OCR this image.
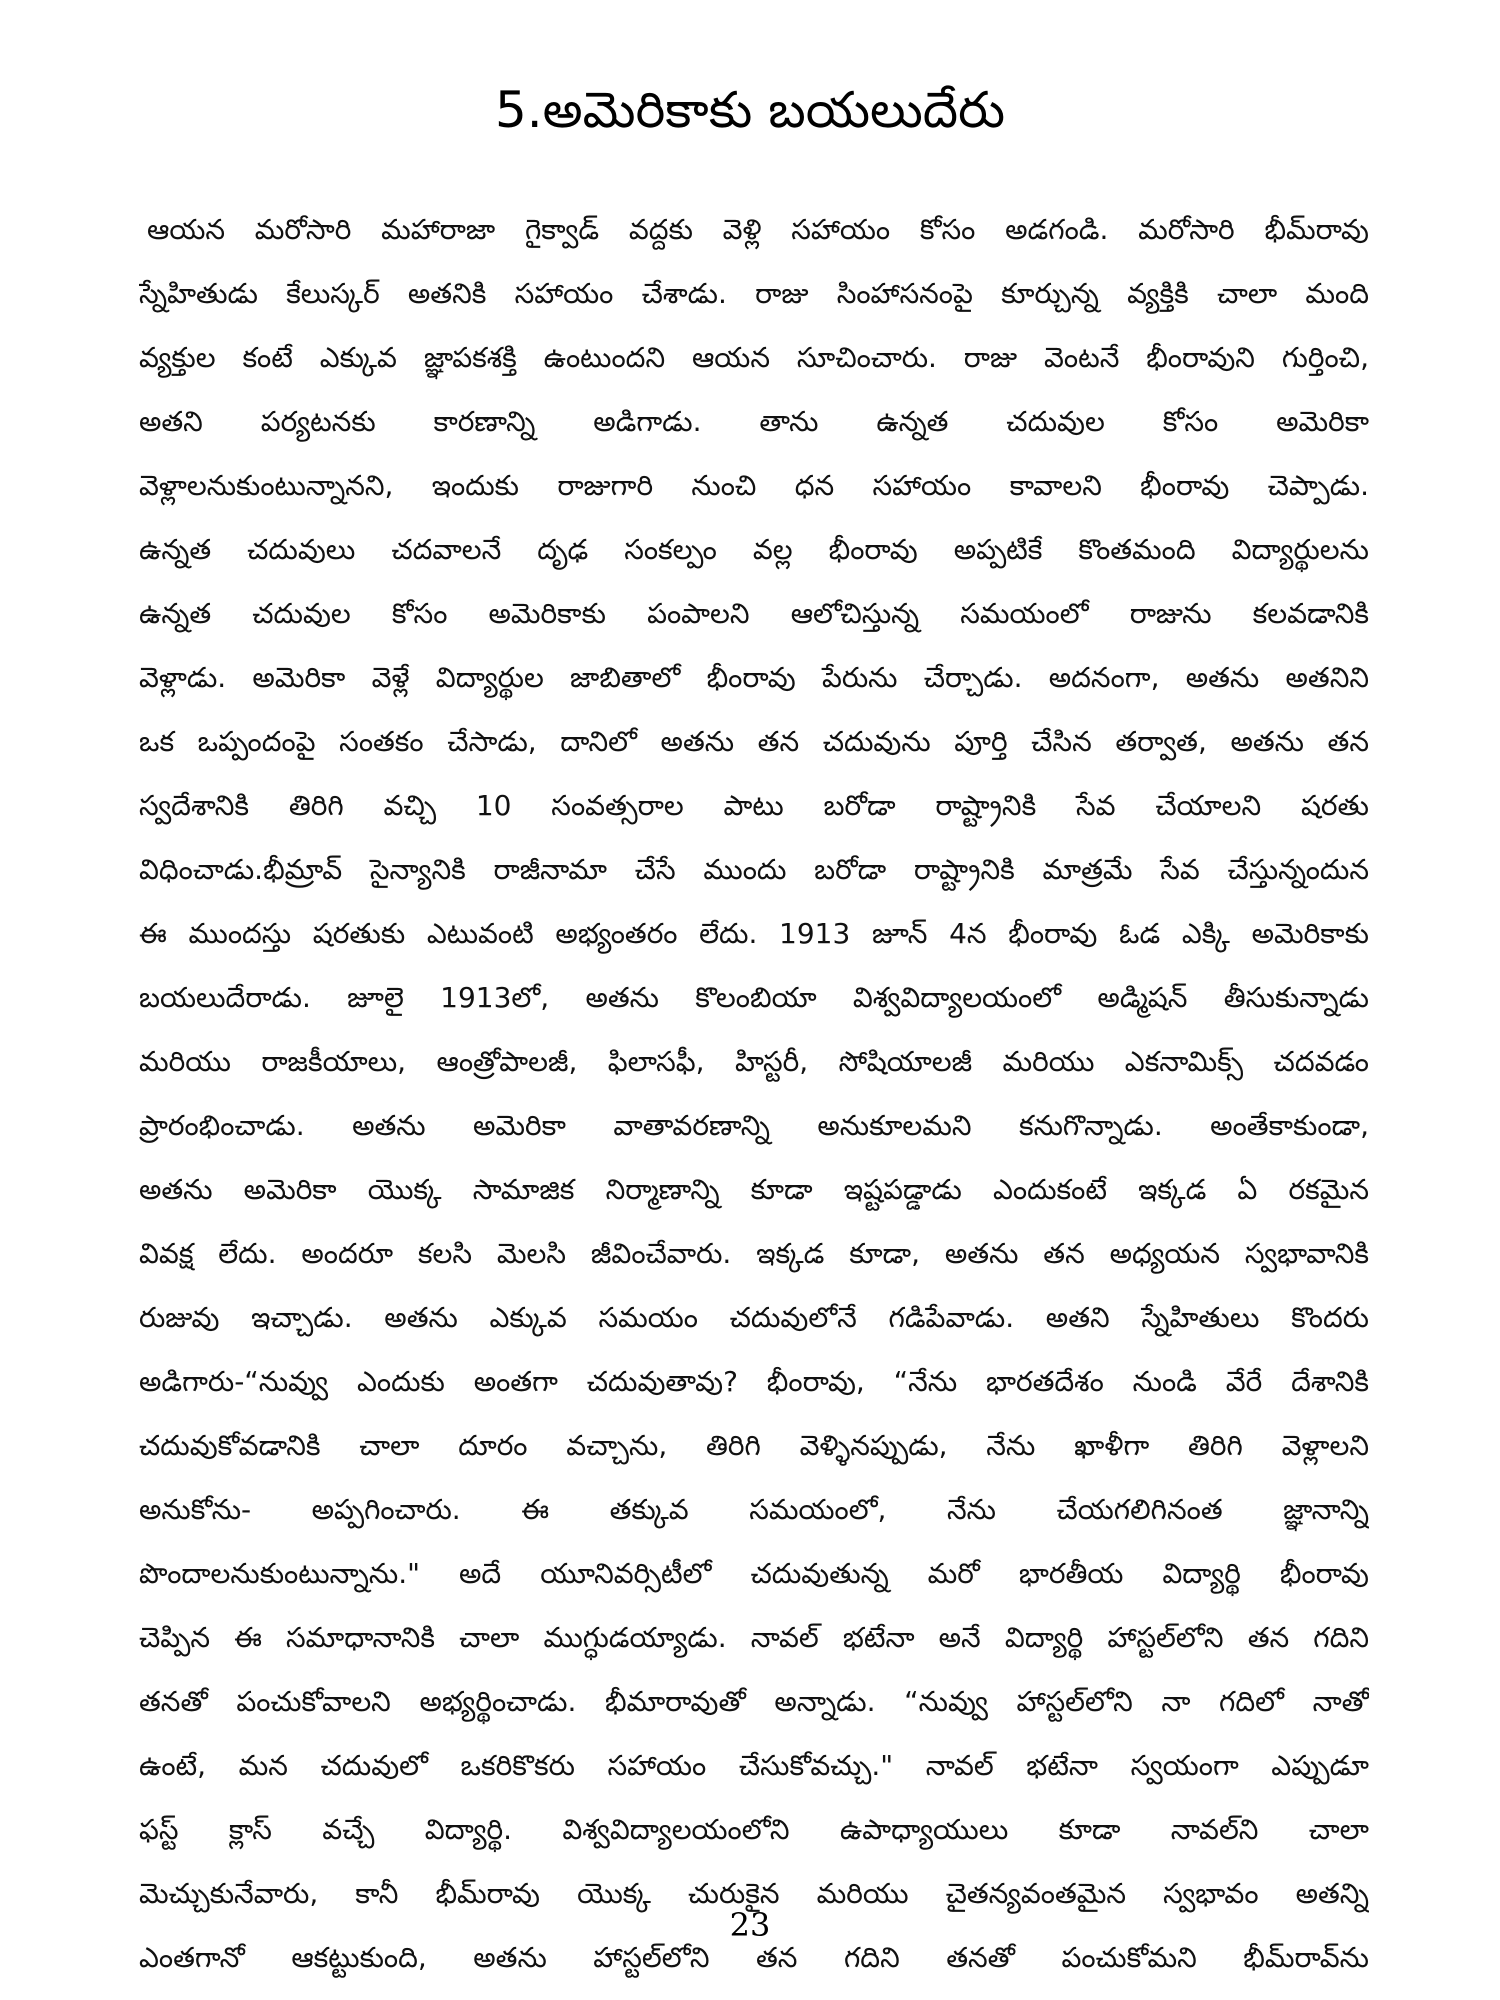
5.అమెరికాకు బయలుదేరు
ఆయన మరోసారి మహారాజా గైక్వాడ్ వద్దకు వెళ్లి సహాయం కోసం అడగండి. మరోసారి భీమ్‌రావు
స్నేహితుడు కేలుస్కర్ అతనికి సహాయం చేశాడు. రాజు సింహాసనంపై కూర్చున్న వ్యక్తికి చాలా మంది
వ్యక్తుల కంటే ఎక్కువ జ్ఞాపకశక్తి ఉంటుందని ఆయన సూచించారు. రాజు వెంటనే భీంరావుని గుర్తించి,
అతని పర్యటనకు కారణాన్ని అడిగాడు. తాను ఉన్నత చదువుల కోసం అమెరికా
వెళ్లాలనుకుంటున్నానని, ఇందుకు రాజుగారి నుంచి ధన సహాయం కావాలని భీంరావు చెప్పాడు.
ఉన్నత చదువులు చదవాలనే దృఢ సంకల్పం వల్ల భీంరావు అప్పటికే కొంతమంది విద్యార్థులను
ఉన్నత చదువుల కోసం అమెరికాకు పంపాలని ఆలోచిస్తున్న సమయంలో రాజును కలవడానికి
వెళ్లాడు. అమెరికా వెళ్లే విద్యార్థుల జాబితాలో భీంరావు పేరును చేర్చాడు. అదనంగా, అతను అతనిని
ఒక ఒప్పందంపై సంతకం చేసాడు, దానిలో అతను తన చదువును పూర్తి చేసిన తర్వాత, అతను తన
స్వదేశానికి తిరిగి వచ్చి 10 సంవత్సరాల పాటు బరోడా రాష్ట్రానికి సేవ చేయాలని షరతు
విధించాడు.భీమ్రావ్ సైన్యానికి రాజీనామా చేసే ముందు బరోడా రాష్ట్రానికి మాత్రమే సేవ చేస్తున్నందున
ఈ ముందస్తు షరతుకు ఎటువంటి అభ్యంతరం లేదు. 1913 జూన్ 4న భీంరావు ఓడ ఎక్కి అమెరికాకు
బయలుదేరాడు. జూలై 1913లో, అతను కొలంబియా విశ్వవిద్యాలయంలో అడ్మిషన్ తీసుకున్నాడు
మరియు రాజకీయాలు, ఆంత్రోపాలజీ, ఫిలాసఫీ, హిస్టరీ, సోషియాలజీ మరియు ఎకనామిక్స్ చదవడం
ప్రారంభించాడు. అతను అమెరికా వాతావరణాన్ని అనుకూలమని కనుగొన్నాడు. అంతేకాకుండా,
అతను అమెరికా యొక్క సామాజిక నిర్మాణాన్ని కూడా ఇష్టపడ్డాడు ఎందుకంటే ఇక్కడ ఏ రకమైన
వివక్ష లేదు. అందరూ కలసి మెలసి జీవించేవారు. ఇక్కడ కూడా, అతను తన అధ్యయన స్వభావానికి
రుజువు ఇచ్చాడు. అతను ఎక్కువ సమయం చదువులోనే గడిపేవాడు. అతని స్నేహితులు కొందరు
అడిగారు-“నువ్వు ఎందుకు అంతగా చదువుతావు? భీంరావు, “నేను భారతదేశం నుండి వేరే దేశానికి
చదువుకోవడానికి చాలా దూరం వచ్చాను, తిరిగి వెళ్ళినప్పుడు, నేను ఖాళీగా తిరిగి వెళ్లాలని
అనుకోను- అప్పగించారు. ఈ తక్కువ సమయంలో, నేను చేయగలిగినంత జ్ఞానాన్ని
పొందాలనుకుంటున్నాను." అదే యూనివర్సిటీలో చదువుతున్న మరో భారతీయ విద్యార్థి భీంరావు
చెప్పిన ఈ సమాధానానికి చాలా ముగ్ధుడయ్యాడు. నావల్ భటేనా అనే విద్యార్థి హాస్టల్‌లోని తన గదిని
తనతో పంచుకోవాలని అభ్యర్థించాడు. భీమారావుతో అన్నాడు. “నువ్వు హాస్టల్‌లోని నా గదిలో నాతో
ఉంటే, మన చదువులో ఒకరికొకరు సహాయం చేసుకోవచ్చు." నావల్ భటేనా స్వయంగా ఎప్పుడూ
ఫస్ట్ క్లాస్ వచ్చే విద్యార్థి. విశ్వవిద్యాలయంలోని ఉపాధ్యాయులు కూడా నావల్‌ని చాలా
మెచ్చుకునేవారు, కానీ భీమ్‌రావు యొక్క చురుకైన మరియు చైతన్యవంతమైన స్వభావం అతన్ని
ఎంతగానో ఆకట్టుకుంది, అతను హాస్టల్‌లోని తన గదిని తనతో పంచుకోమని భీమ్‌రావ్‌ను
23
